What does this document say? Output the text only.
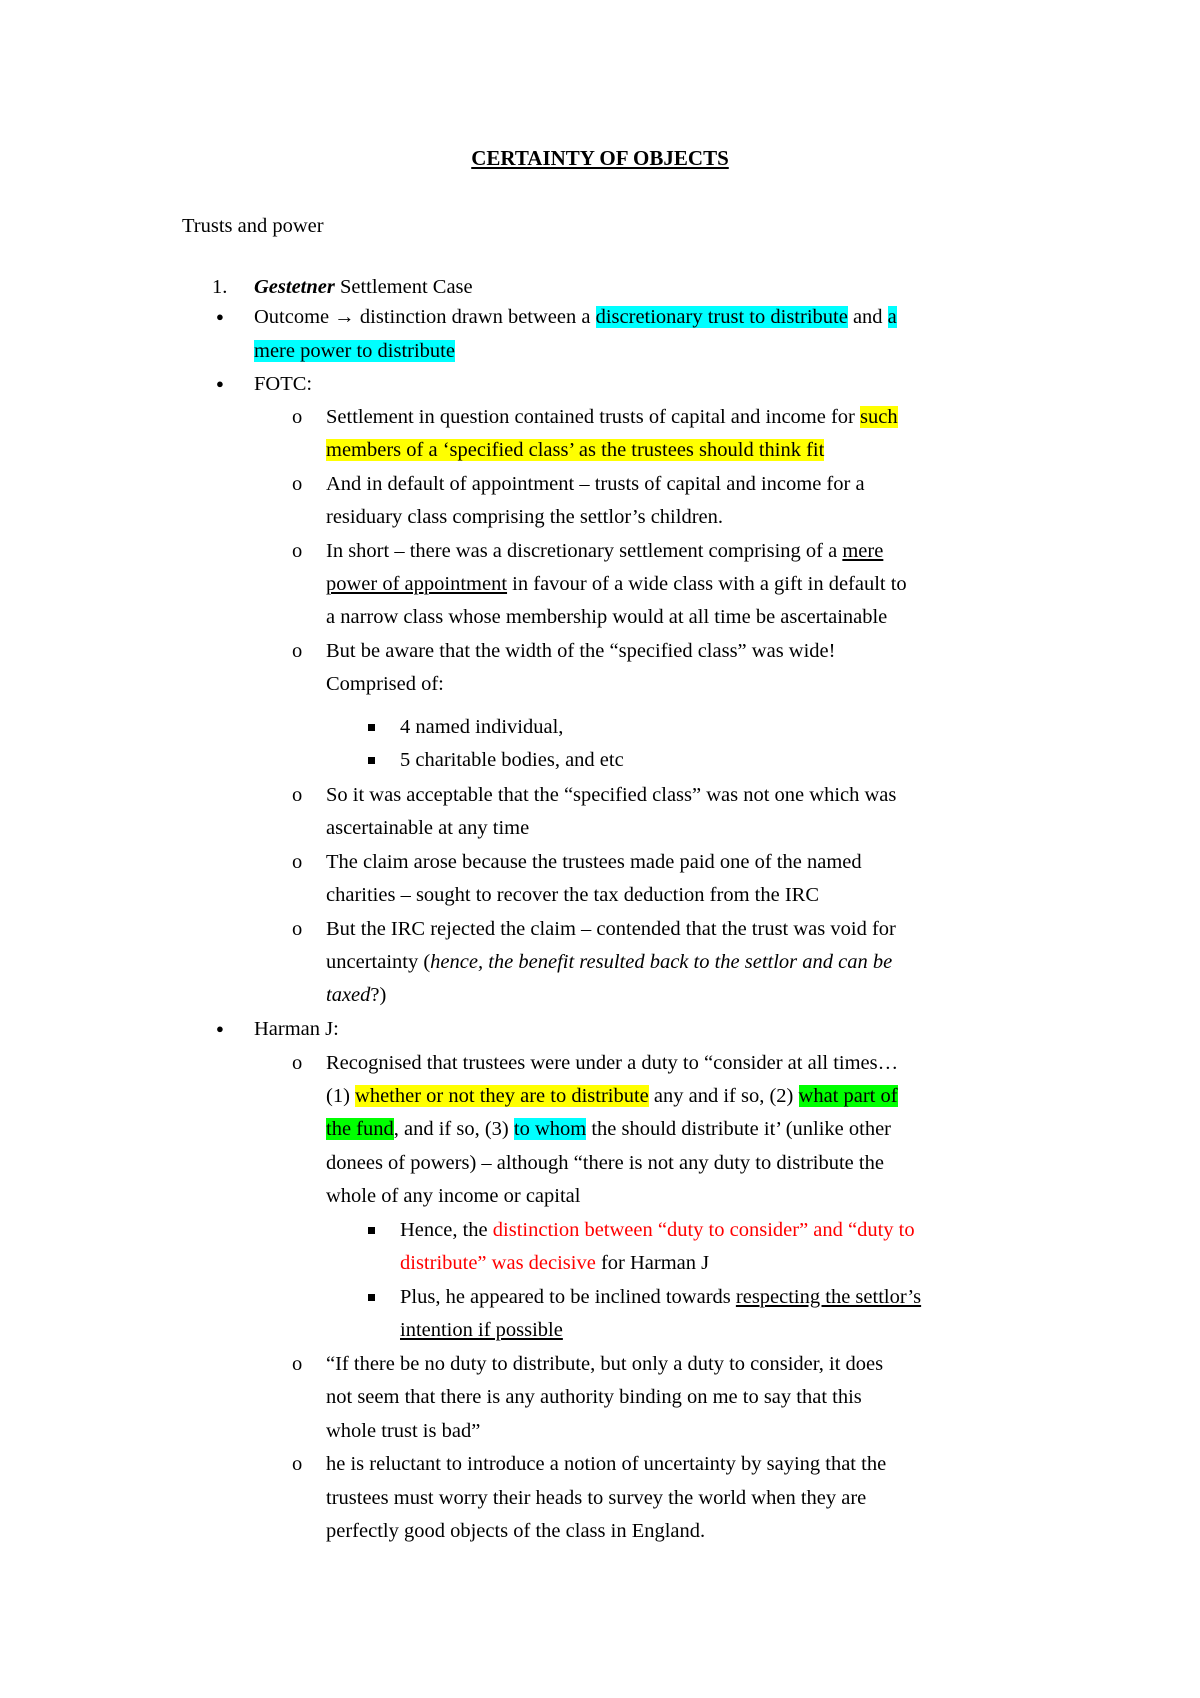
CERTAINTY OF OBJECTS
Trusts and power
1. Gestetner Settlement Case
● Outcome → distinction drawn between a discretionary trust to distribute and a
mere power to distribute
● FOTC:
o Settlement in question contained trusts of capital and income for such
members of a ‘specified class’ as the trustees should think fit
o And in default of appointment – trusts of capital and income for a
residuary class comprising the settlor’s children.
o In short – there was a discretionary settlement comprising of a mere
power of appointment in favour of a wide class with a gift in default to
a narrow class whose membership would at all time be ascertainable
o But be aware that the width of the “specified class” was wide!
Comprised of:
4 named individual,
5 charitable bodies, and etc
o So it was acceptable that the “specified class” was not one which was
ascertainable at any time
o The claim arose because the trustees made paid one of the named
charities – sought to recover the tax deduction from the IRC
o But the IRC rejected the claim – contended that the trust was void for
uncertainty (hence, the benefit resulted back to the settlor and can be
taxed?)
● Harman J:
o Recognised that trustees were under a duty to “consider at all times…
(1) whether or not they are to distribute any and if so, (2) what part of
the fund, and if so, (3) to whom the should distribute it’ (unlike other
donees of powers) – although “there is not any duty to distribute the
whole of any income or capital
Hence, the distinction between “duty to consider” and “duty to
distribute” was decisive for Harman J
Plus, he appeared to be inclined towards respecting the settlor’s
intention if possible
o “If there be no duty to distribute, but only a duty to consider, it does
not seem that there is any authority binding on me to say that this
whole trust is bad”
o he is reluctant to introduce a notion of uncertainty by saying that the
trustees must worry their heads to survey the world when they are
perfectly good objects of the class in England.
